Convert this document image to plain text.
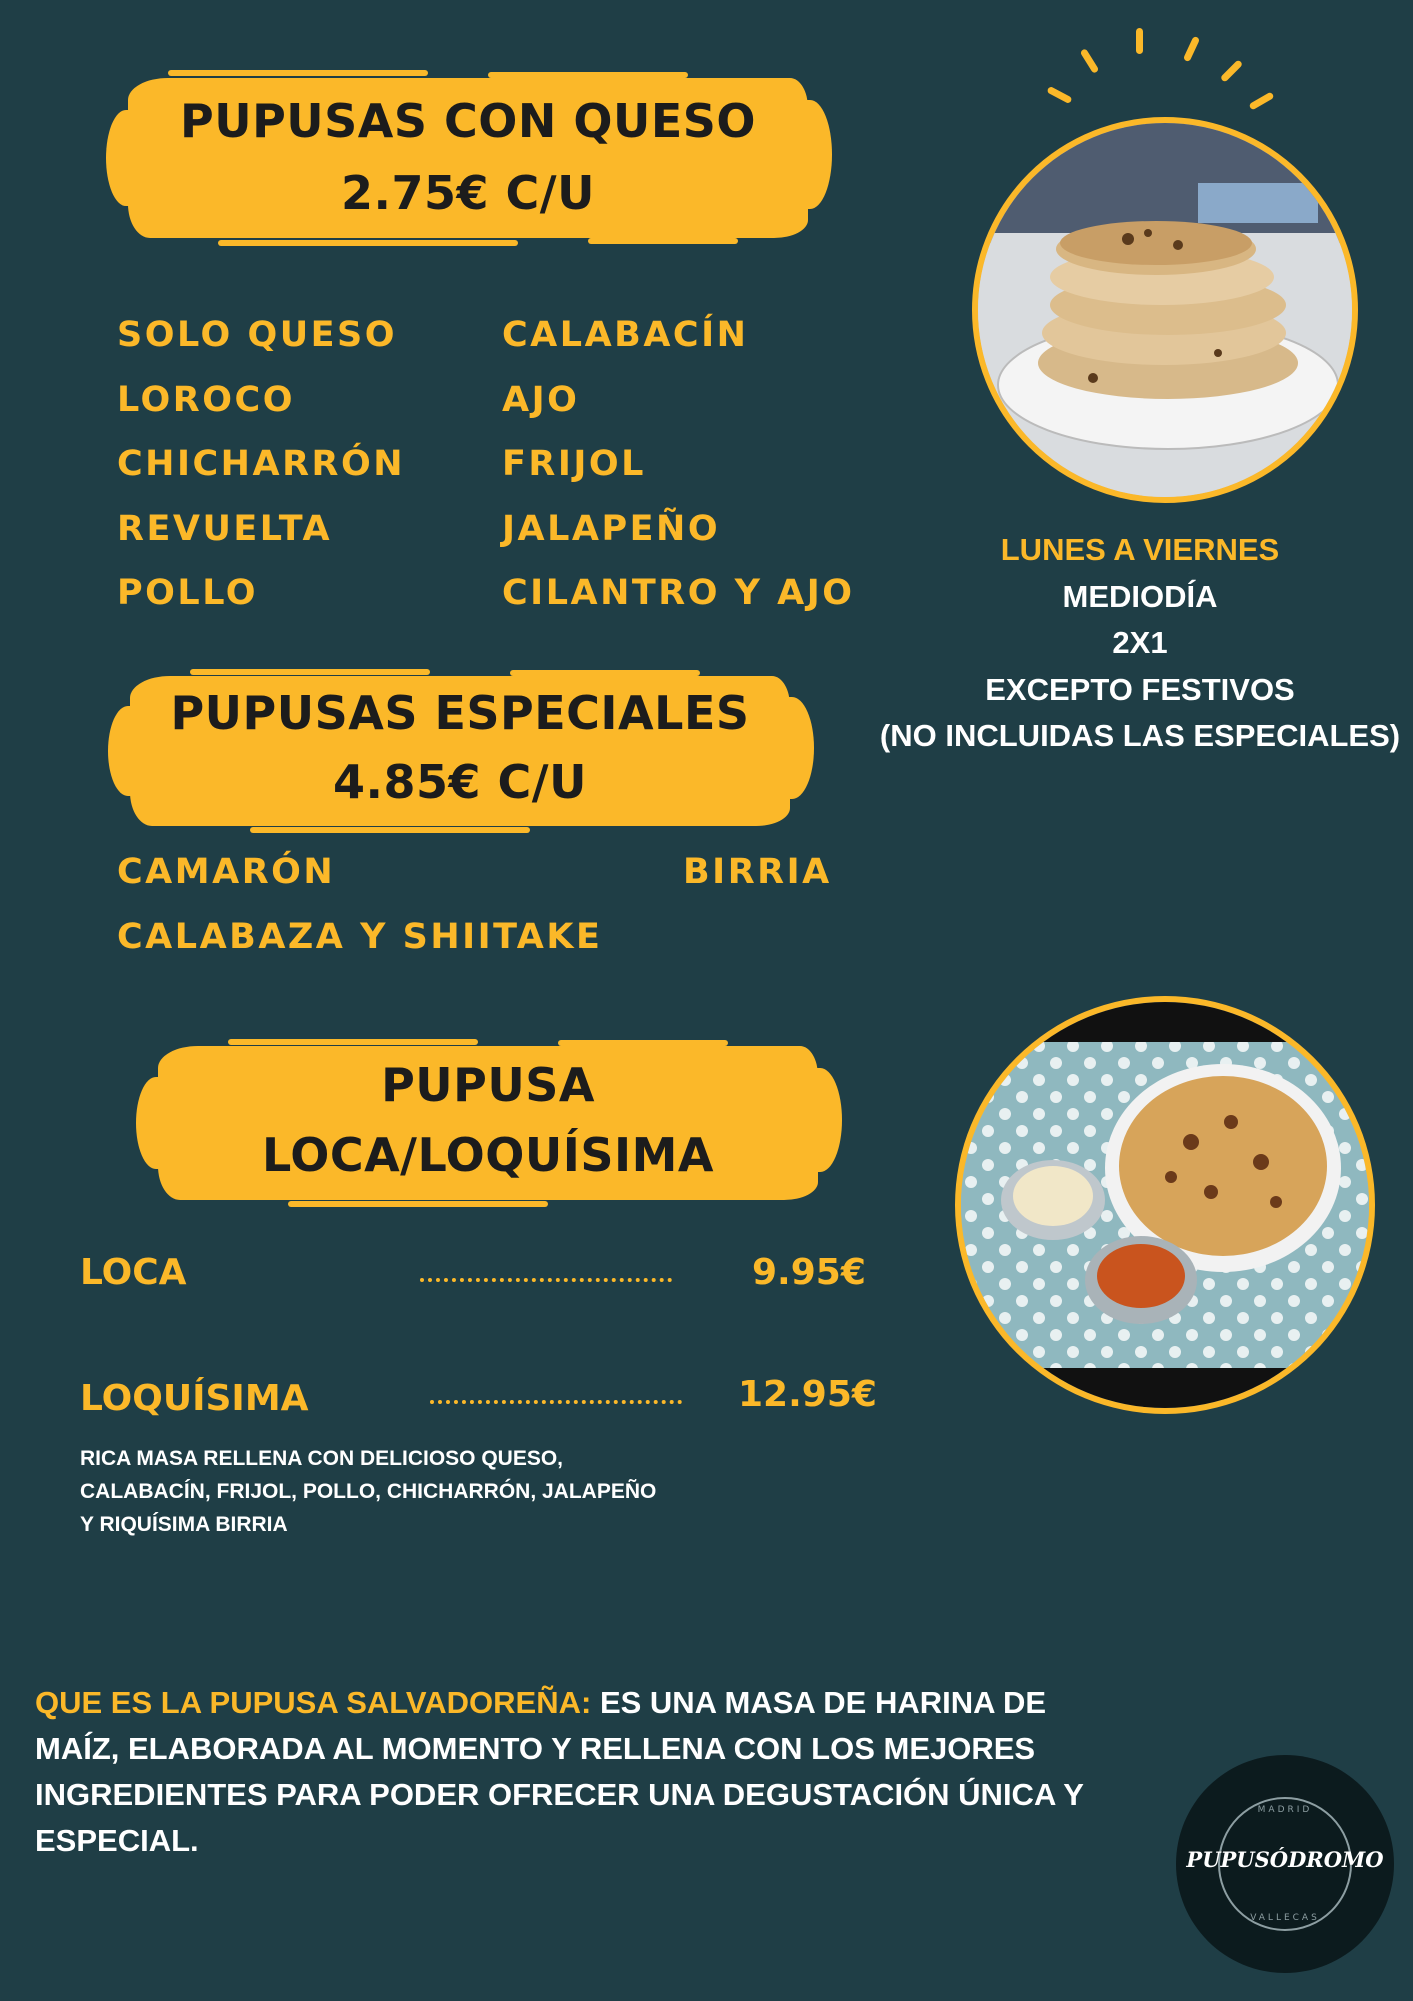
PUPUSAS CON QUESO
2.75€ C/U
SOLO QUESO
LOROCO
CHICHARRÓN
REVUELTA
POLLO
CALABACÍN
AJO
FRIJOL
JALAPEÑO
CILANTRO Y AJO
PUPUSAS ESPECIALES
4.85€ C/U
CAMARÓN	BIRRIA
CALABAZA Y SHIITAKE
PUPUSA
LOCA/LOQUÍSIMA
LOCA	9.95€
LOQUÍSIMA	12.95€
RICA MASA RELLENA CON DELICIOSO QUESO,
CALABACÍN, FRIJOL, POLLO, CHICHARRÓN, JALAPEÑO
Y RIQUÍSIMA BIRRIA
LUNES A VIERNES
MEDIODÍA
2X1
EXCEPTO FESTIVOS
(NO INCLUIDAS LAS ESPECIALES)
QUE ES LA PUPUSA SALVADOREÑA: ES UNA MASA DE HARINA DE MAÍZ, ELABORADA AL MOMENTO Y RELLENA CON LOS MEJORES INGREDIENTES PARA PODER OFRECER UNA DEGUSTACIÓN ÚNICA Y ESPECIAL.
MADRID
PUPUSÓDROMO
VALLECAS
